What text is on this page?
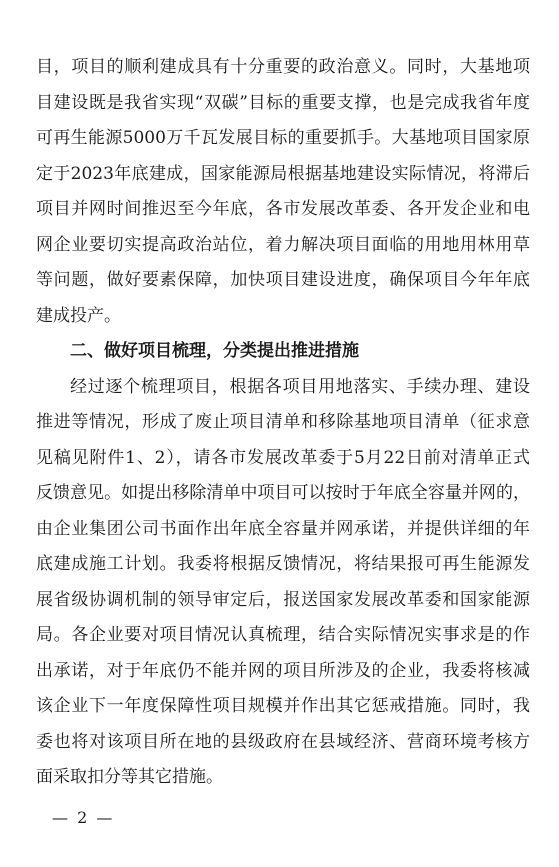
目，项目的顺利建成具有十分重要的政治意义。同时，大基地项
目建设既是我省实现“双碳”目标的重要支撑，也是完成我省年度
可再生能源5000万千瓦发展目标的重要抓手。大基地项目国家原
定于2023年底建成，国家能源局根据基地建设实际情况，将滞后
项目并网时间推迟至今年底，各市发展改革委、各开发企业和电
网企业要切实提高政治站位，着力解决项目面临的用地用林用草
等问题，做好要素保障，加快项目建设进度，确保项目今年年底
建成投产。
二、做好项目梳理，分类提出推进措施
经过逐个梳理项目，根据各项目用地落实、手续办理、建设
推进等情况，形成了废止项目清单和移除基地项目清单（征求意
见稿见附件1、2），请各市发展改革委于5月22日前对清单正式
反馈意见。如提出移除清单中项目可以按时于年底全容量并网的，
由企业集团公司书面作出年底全容量并网承诺，并提供详细的年
底建成施工计划。我委将根据反馈情况，将结果报可再生能源发
展省级协调机制的领导审定后，报送国家发展改革委和国家能源
局。各企业要对项目情况认真梳理，结合实际情况实事求是的作
出承诺，对于年底仍不能并网的项目所涉及的企业，我委将核减
该企业下一年度保障性项目规模并作出其它惩戒措施。同时，我
委也将对该项目所在地的县级政府在县域经济、营商环境考核方
面采取扣分等其它措施。
— 2 —
